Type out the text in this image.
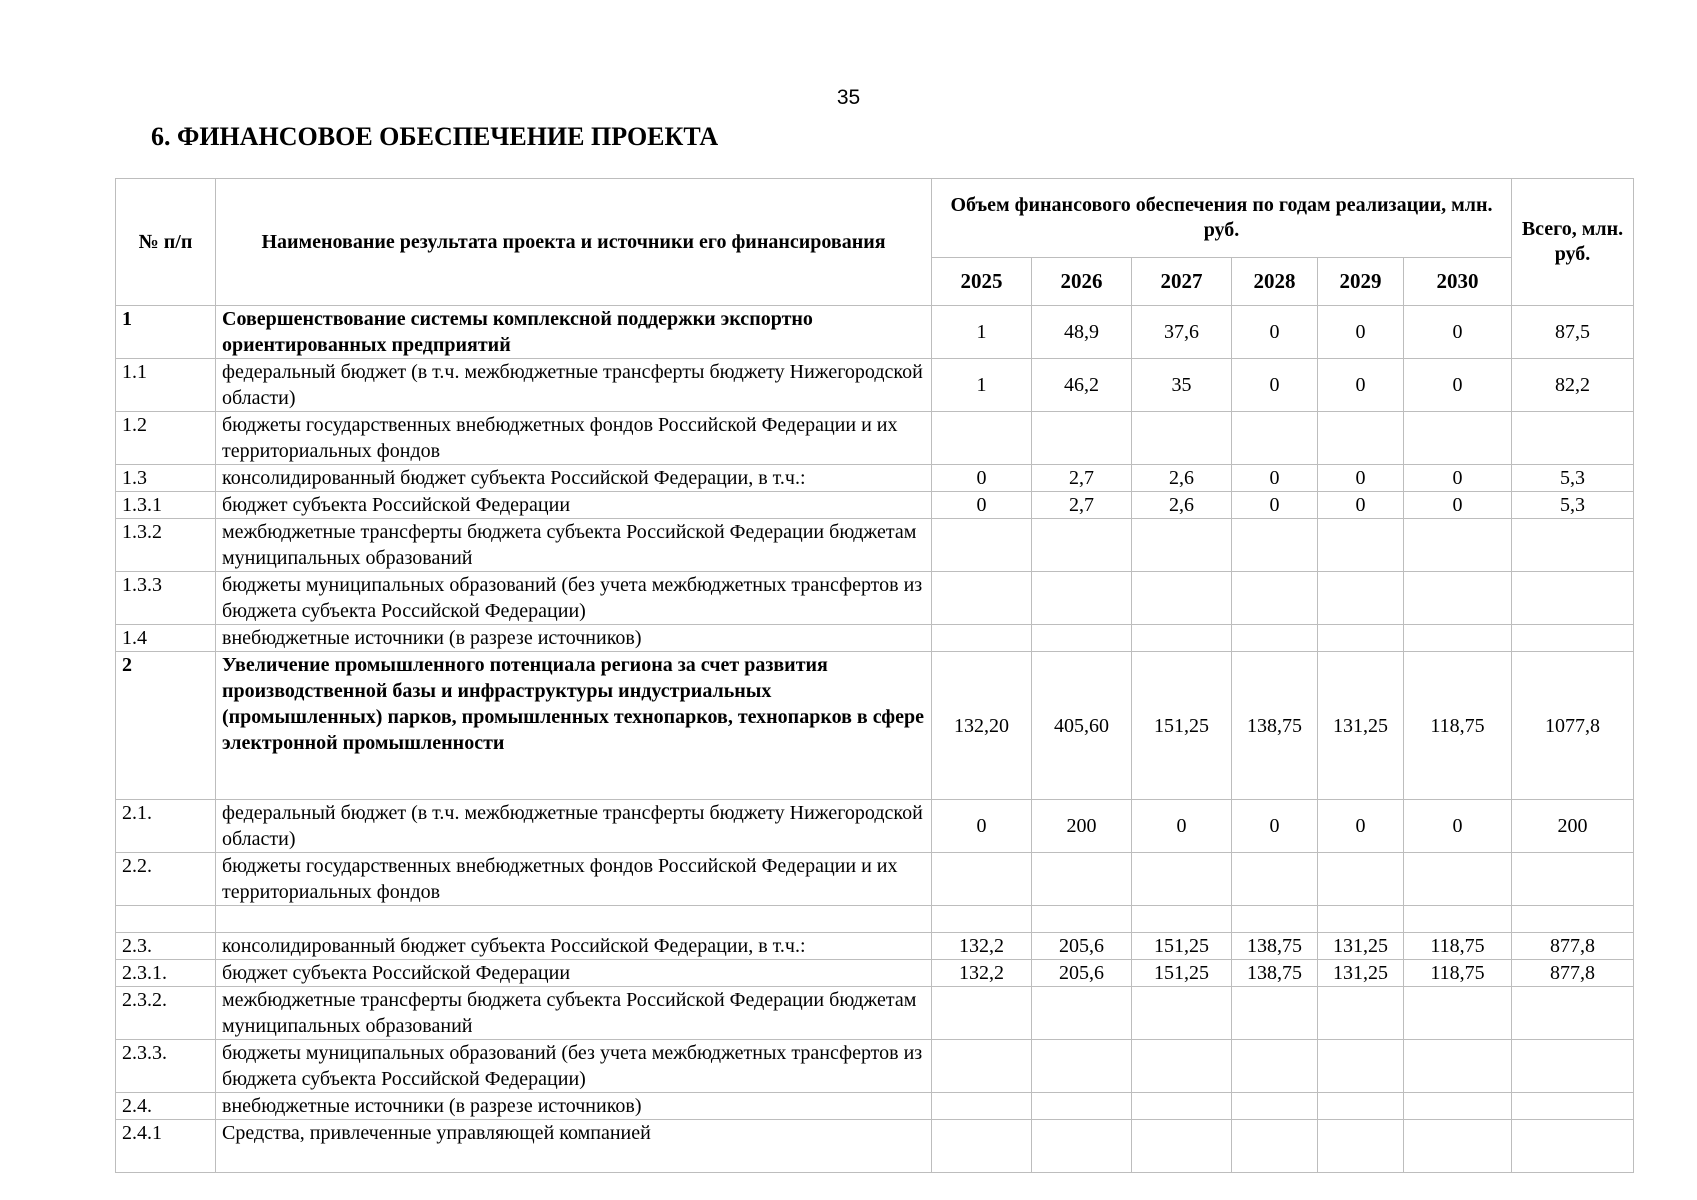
35
6. ФИНАНСОВОЕ ОБЕСПЕЧЕНИЕ ПРОЕКТА
№ п/п	Наименование результата проекта и источники его финансирования	Объем финансового обеспечения по годам реализации, млн. руб.						Всего, млн. руб.
		2025	2026	2027	2028	2029	2030	
1	Совершенствование системы комплексной поддержки экспортно ориентированных предприятий	1	48,9	37,6	0	0	0	87,5
1.1	федеральный бюджет (в т.ч. межбюджетные трансферты бюджету Нижегородской области)	1	46,2	35	0	0	0	82,2
1.2	бюджеты государственных внебюджетных фондов Российской Федерации и их территориальных фондов							
1.3	консолидированный бюджет субъекта Российской Федерации, в т.ч.:	0	2,7	2,6	0	0	0	5,3
1.3.1	бюджет субъекта Российской Федерации	0	2,7	2,6	0	0	0	5,3
1.3.2	межбюджетные трансферты бюджета субъекта Российской Федерации бюджетам муниципальных образований							
1.3.3	бюджеты муниципальных образований (без учета межбюджетных трансфертов из бюджета субъекта Российской Федерации)							
1.4	внебюджетные источники (в разрезе источников)							
2	Увеличение промышленного потенциала региона за счет развития производственной базы и инфраструктуры индустриальных (промышленных) парков, промышленных технопарков, технопарков в сфере электронной промышленности	132,20	405,60	151,25	138,75	131,25	118,75	1077,8
2.1.	федеральный бюджет (в т.ч. межбюджетные трансферты бюджету Нижегородской области)	0	200	0	0	0	0	200
2.2.	бюджеты государственных внебюджетных фондов Российской Федерации и их территориальных фондов							

2.3.	консолидированный бюджет субъекта Российской Федерации, в т.ч.:	132,2	205,6	151,25	138,75	131,25	118,75	877,8
2.3.1.	бюджет субъекта Российской Федерации	132,2	205,6	151,25	138,75	131,25	118,75	877,8
2.3.2.	межбюджетные трансферты бюджета субъекта Российской Федерации бюджетам муниципальных образований							
2.3.3.	бюджеты муниципальных образований (без учета межбюджетных трансфертов из бюджета субъекта Российской Федерации)							
2.4.	внебюджетные источники (в разрезе источников)							
2.4.1	Средства, привлеченные управляющей компанией							
